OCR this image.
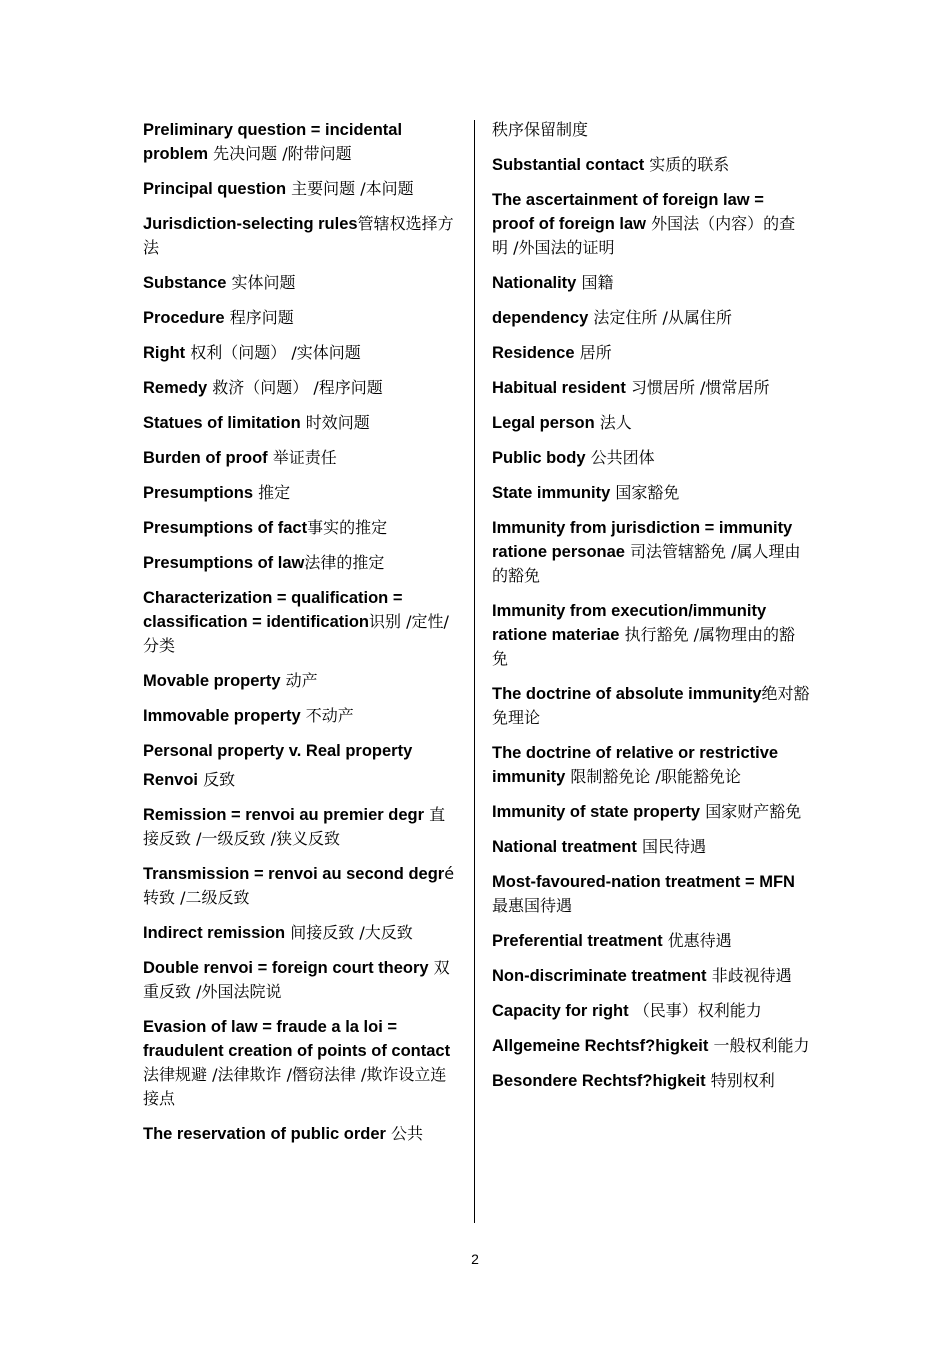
Preliminary question = incidental problem 先决问题 /附带问题
Principal question 主要问题 /本问题
Jurisdiction-selecting rules管辖权选择方法
Substance 实体问题
Procedure 程序问题
Right 权利（问题） /实体问题
Remedy 救济（问题） /程序问题
Statues of limitation 时效问题
Burden of proof 举证责任
Presumptions 推定
Presumptions of fact事实的推定
Presumptions of law法律的推定
Characterization = qualification = classification = identification识别 /定性/分类
Movable property 动产
Immovable property 不动产
Personal property v. Real property
Renvoi 反致
Remission = renvoi au premier degr 直接反致 /一级反致 /狭义反致
Transmission = renvoi au second degré 转致 /二级反致
Indirect remission 间接反致 /大反致
Double renvoi = foreign court theory 双重反致 /外国法院说
Evasion of law = fraude a la loi = fraudulent creation of points of contact 法律规避 /法律欺诈 /僭窃法律 /欺诈设立连接点
The reservation of public order 公共
秩序保留制度
Substantial contact 实质的联系
The ascertainment of foreign law = proof of foreign law 外国法（内容）的查明 /外国法的证明
Nationality 国籍
dependency 法定住所 /从属住所
Residence 居所
Habitual resident 习惯居所 /惯常居所
Legal person 法人
Public body 公共团体
State immunity 国家豁免
Immunity from jurisdiction = immunity ratione personae 司法管辖豁免 /属人理由的豁免
Immunity from execution/immunity ratione materiae 执行豁免 /属物理由的豁免
The doctrine of absolute immunity绝对豁免理论
The doctrine of relative or restrictive immunity 限制豁免论 /职能豁免论
Immunity of state property 国家财产豁免
National treatment 国民待遇
Most-favoured-nation treatment = MFN 最惠国待遇
Preferential treatment 优惠待遇
Non-discriminate treatment 非歧视待遇
Capacity for right （民事）权利能力
Allgemeine Rechtsf?higkeit 一般权利能力
Besondere Rechtsf?higkeit 特别权利
2
